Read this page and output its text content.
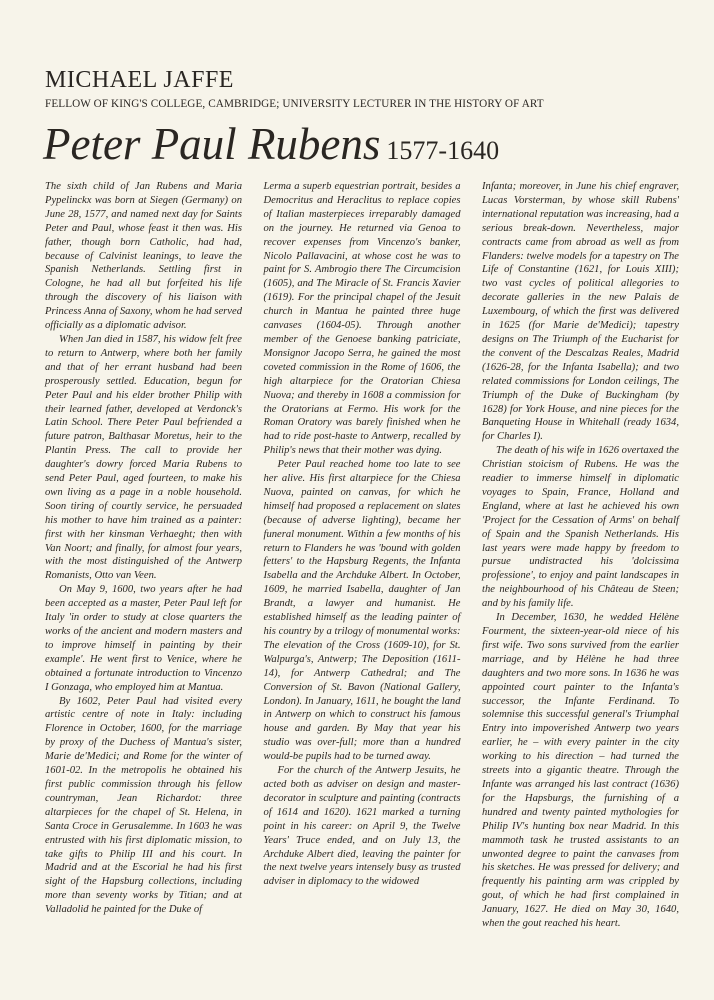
MICHAEL JAFFE
FELLOW OF KING'S COLLEGE, CAMBRIDGE; UNIVERSITY LECTURER IN THE HISTORY OF ART
Peter Paul Rubens 1577-1640

The sixth child of Jan Rubens and Maria Pypelinckx was born at Siegen (Germany) on June 28, 1577, and named next day for Saints Peter and Paul, whose feast it then was. His father, though born Catholic, had had, because of Calvinist leanings, to leave the Spanish Netherlands. Settling first in Cologne, he had all but forfeited his life through the discovery of his liaison with Princess Anna of Saxony, whom he had served officially as a diplomatic advisor.

When Jan died in 1587, his widow felt free to return to Antwerp, where both her family and that of her errant husband had been prosperously settled. Education, begun for Peter Paul and his elder brother Philip with their learned father, developed at Verdonck's Latin School. There Peter Paul befriended a future patron, Balthasar Moretus, heir to the Plantin Press. The call to provide her daughter's dowry forced Maria Rubens to send Peter Paul, aged fourteen, to make his own living as a page in a noble household. Soon tiring of courtly service, he persuaded his mother to have him trained as a painter: first with her kinsman Verhaeght; then with Van Noort; and finally, for almost four years, with the most distinguished of the Antwerp Romanists, Otto van Veen.

On May 9, 1600, two years after he had been accepted as a master, Peter Paul left for Italy 'in order to study at close quarters the works of the ancient and modern masters and to improve himself in painting by their example'. He went first to Venice, where he obtained a fortunate introduction to Vincenzo I Gonzaga, who employed him at Mantua.

By 1602, Peter Paul had visited every artistic centre of note in Italy: including Florence in October, 1600, for the marriage by proxy of the Duchess of Mantua's sister, Marie de'Medici; and Rome for the winter of 1601-02. In the metropolis he obtained his first public commission through his fellow countryman, Jean Richardot: three altarpieces for the chapel of St. Helena, in Santa Croce in Gerusalemme. In 1603 he was entrusted with his first diplomatic mission, to take gifts to Philip III and his court. In Madrid and at the Escorial he had his first sight of the Hapsburg collections, including more than seventy works by Titian; and at Valladolid he painted for the Duke of

Lerma a superb equestrian portrait, besides a Democritus and Heraclitus to replace copies of Italian masterpieces irreparably damaged on the journey. He returned via Genoa to recover expenses from Vincenzo's banker, Nicolo Pallavacini, at whose cost he was to paint for S. Ambrogio there The Circumcision (1605), and The Miracle of St. Francis Xavier (1619). For the principal chapel of the Jesuit church in Mantua he painted three huge canvases (1604-05). Through another member of the Genoese banking patriciate, Monsignor Jacopo Serra, he gained the most coveted commission in the Rome of 1606, the high altarpiece for the Oratorian Chiesa Nuova; and thereby in 1608 a commission for the Oratorians at Fermo. His work for the Roman Oratory was barely finished when he had to ride post-haste to Antwerp, recalled by Philip's news that their mother was dying.

Peter Paul reached home too late to see her alive. His first altarpiece for the Chiesa Nuova, painted on canvas, for which he himself had proposed a replacement on slates (because of adverse lighting), became her funeral monument. Within a few months of his return to Flanders he was 'bound with golden fetters' to the Hapsburg Regents, the Infanta Isabella and the Archduke Albert. In October, 1609, he married Isabella, daughter of Jan Brandt, a lawyer and humanist. He established himself as the leading painter of his country by a trilogy of monumental works: The elevation of the Cross (1609-10), for St. Walpurga's, Antwerp; The Deposition (1611-14), for Antwerp Cathedral; and The Conversion of St. Bavon (National Gallery, London). In January, 1611, he bought the land in Antwerp on which to construct his famous house and garden. By May that year his studio was over-full; more than a hundred would-be pupils had to be turned away.

For the church of the Antwerp Jesuits, he acted both as adviser on design and master-decorator in sculpture and painting (contracts of 1614 and 1620). 1621 marked a turning point in his career: on April 9, the Twelve Years' Truce ended, and on July 13, the Archduke Albert died, leaving the painter for the next twelve years intensely busy as trusted adviser in diplomacy to the widowed

Infanta; moreover, in June his chief engraver, Lucas Vorsterman, by whose skill Rubens' international reputation was increasing, had a serious break-down. Nevertheless, major contracts came from abroad as well as from Flanders: twelve models for a tapestry on The Life of Constantine (1621, for Louis XIII); two vast cycles of political allegories to decorate galleries in the new Palais de Luxembourg, of which the first was delivered in 1625 (for Marie de'Medici); tapestry designs on The Triumph of the Eucharist for the convent of the Descalzas Reales, Madrid (1626-28, for the Infanta Isabella); and two related commissions for London ceilings, The Triumph of the Duke of Buckingham (by 1628) for York House, and nine pieces for the Banqueting House in Whitehall (ready 1634, for Charles I).

The death of his wife in 1626 overtaxed the Christian stoicism of Rubens. He was the readier to immerse himself in diplomatic voyages to Spain, France, Holland and England, where at last he achieved his own 'Project for the Cessation of Arms' on behalf of Spain and the Spanish Netherlands. His last years were made happy by freedom to pursue undistracted his 'dolcissima professione', to enjoy and paint landscapes in the neighbourhood of his Château de Steen; and by his family life.

In December, 1630, he wedded Hélène Fourment, the sixteen-year-old niece of his first wife. Two sons survived from the earlier marriage, and by Hélène he had three daughters and two more sons. In 1636 he was appointed court painter to the Infanta's successor, the Infante Ferdinand. To solemnise this successful general's Triumphal Entry into impoverished Antwerp two years earlier, he – with every painter in the city working to his direction – had turned the streets into a gigantic theatre. Through the Infante was arranged his last contract (1636) for the Hapsburgs, the furnishing of a hundred and twenty painted mythologies for Philip IV's hunting box near Madrid. In this mammoth task he trusted assistants to an unwonted degree to paint the canvases from his sketches. He was pressed for delivery; and frequently his painting arm was crippled by gout, of which he had first complained in January, 1627. He died on May 30, 1640, when the gout reached his heart.
